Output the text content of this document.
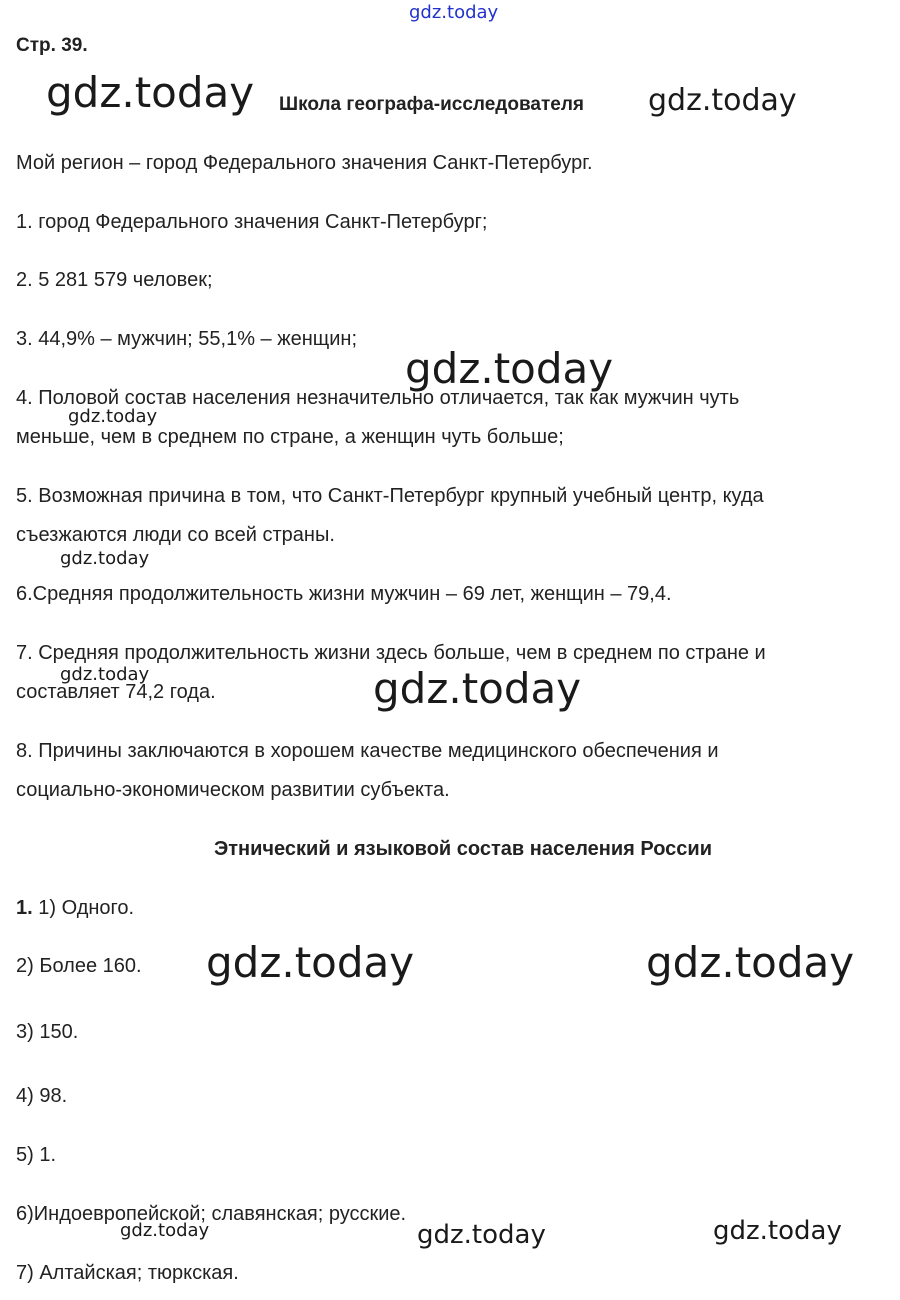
gdz.today
gdz.today	gdz.today
gdz.today
gdz.today
gdz.today
gdz.today	gdz.today
gdz.today	gdz.today
gdz.today	gdz.today	gdz.today
Стр. 39.
Школа географа-исследователя
Мой регион – город Федерального значения Санкт-Петербург.
1. город Федерального значения Санкт-Петербург;
2. 5 281 579 человек;
3. 44,9% – мужчин; 55,1% – женщин;
4. Половой состав населения незначительно отличается, так как мужчин чуть
меньше, чем в среднем по стране, а женщин чуть больше;
5. Возможная причина в том, что Санкт-Петербург крупный учебный центр, куда
съезжаются люди со всей страны.
6.Средняя продолжительность жизни мужчин – 69 лет, женщин – 79,4.
7. Средняя продолжительность жизни здесь больше, чем в среднем по стране и
составляет 74,2 года.
8. Причины заключаются в хорошем качестве медицинского обеспечения и
социально-экономическом развитии субъекта.
Этнический и языковой состав населения России
1. 1) Одного.
2) Более 160.
3) 150.
4) 98.
5) 1.
6)Индоевропейской; славянская; русские.
7) Алтайская; тюркская.
